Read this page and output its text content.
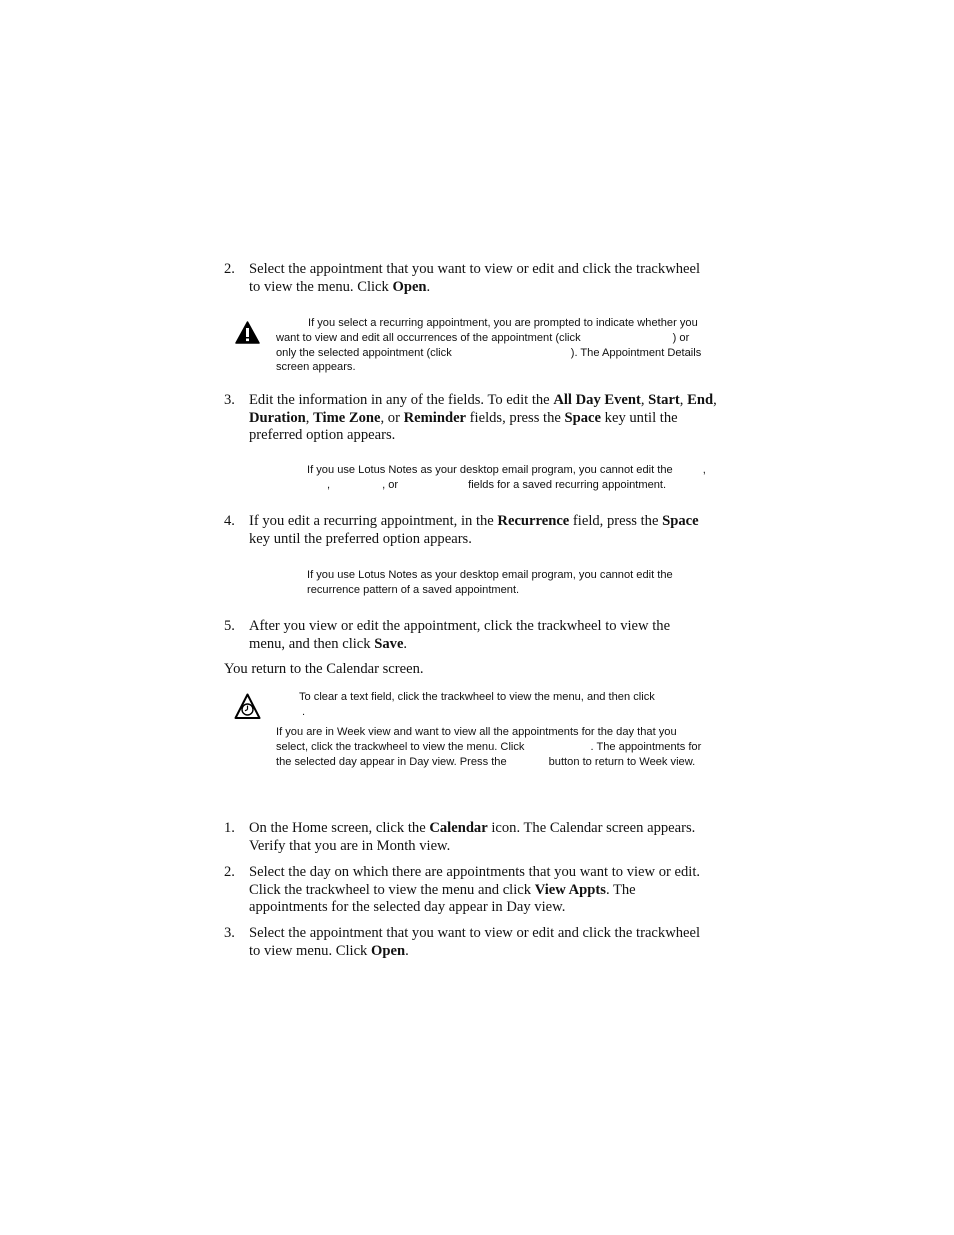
2. Select the appointment that you want to view or edit and click the trackwheel
to view the menu. Click Open.
If you select a recurring appointment, you are prompted to indicate whether you
want to view and edit all occurrences of the appointment (click	) or
only the selected appointment (click	). The Appointment Details
screen appears.
3. Edit the information in any of the fields. To edit the All Day Event, Start, End,
Duration, Time Zone, or Reminder fields, press the Space key until the
preferred option appears.
If you use Lotus Notes as your desktop email program, you cannot edit the	,
,	, or	fields for a saved recurring appointment.
4. If you edit a recurring appointment, in the Recurrence field, press the Space
key until the preferred option appears.
If you use Lotus Notes as your desktop email program, you cannot edit the
recurrence pattern of a saved appointment.
5. After you view or edit the appointment, click the trackwheel to view the
menu, and then click Save.
You return to the Calendar screen.
To clear a text field, click the trackwheel to view the menu, and then click
.
If you are in Week view and want to view all the appointments for the day that you
select, click the trackwheel to view the menu. Click	. The appointments for
the selected day appear in Day view. Press the	button to return to Week view.
1. On the Home screen, click the Calendar icon. The Calendar screen appears.
Verify that you are in Month view.
2. Select the day on which there are appointments that you want to view or edit.
Click the trackwheel to view the menu and click View Appts. The
appointments for the selected day appear in Day view.
3. Select the appointment that you want to view or edit and click the trackwheel
to view menu. Click Open.
